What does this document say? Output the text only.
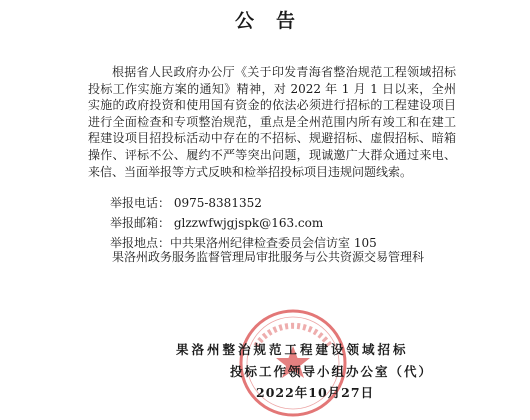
公告

根据省人民政府办公厅《关于印发青海省整治规范工程领域招标投标工作实施方案的通知》精神，对 2022 年 1 月 1 日以来，全州实施的政府投资和使用国有资金的依法必须进行招标的工程建设项目进行全面检查和专项整治规范，重点是全州范围内所有竣工和在建工程建设项目招投标活动中存在的不招标、规避招标、虚假招标、暗箱操作、评标不公、履约不严等突出问题，现诚邀广大群众通过来电、来信、当面举报等方式反映和检举招投标项目违规问题线索。

举报电话： 0975-8381352
举报邮箱： glzzwfwjgjspk@163.com
举报地点：中共果洛州纪律检查委员会信访室 105
果洛州政务服务监督管理局审批服务与公共资源交易管理科
果洛州整治规范工程建设领域招标
投标工作领导小组办公室（代）
2022年10月27日
